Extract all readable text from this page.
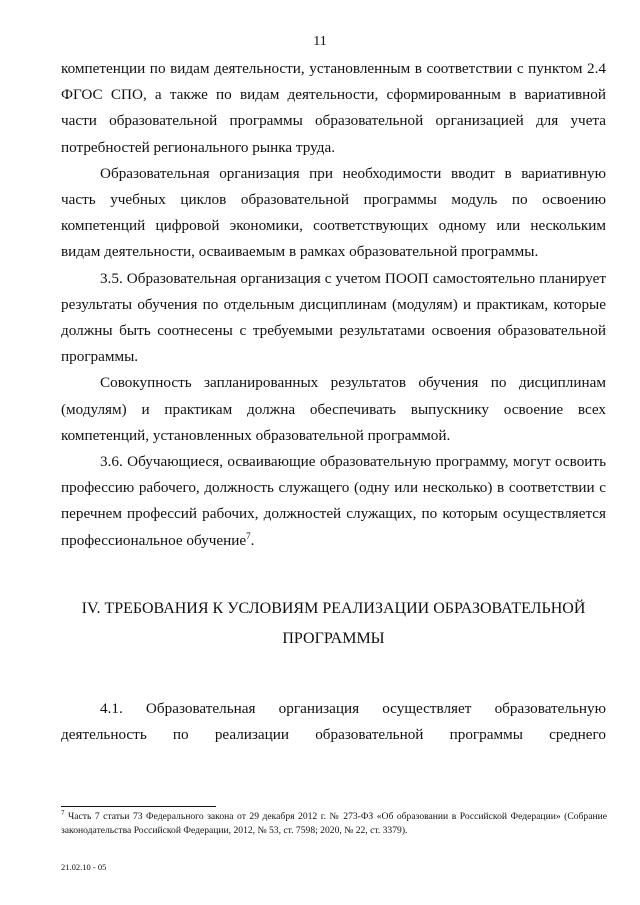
11

компетенции по видам деятельности, установленным в соответствии с пунктом 2.4 ФГОС СПО, а также по видам деятельности, сформированным в вариативной части образовательной программы образовательной организацией для учета потребностей регионального рынка труда.

Образовательная организация при необходимости вводит в вариативную часть учебных циклов образовательной программы модуль по освоению компетенций цифровой экономики, соответствующих одному или нескольким видам деятельности, осваиваемым в рамках образовательной программы.

3.5. Образовательная организация с учетом ПООП самостоятельно планирует результаты обучения по отдельным дисциплинам (модулям) и практикам, которые должны быть соотнесены с требуемыми результатами освоения образовательной программы.

Совокупность запланированных результатов обучения по дисциплинам (модулям) и практикам должна обеспечивать выпускнику освоение всех компетенций, установленных образовательной программой.

3.6. Обучающиеся, осваивающие образовательную программу, могут освоить профессию рабочего, должность служащего (одну или несколько) в соответствии с перечнем профессий рабочих, должностей служащих, по которым осуществляется профессиональное обучение$^7$.

IV. ТРЕБОВАНИЯ К УСЛОВИЯМ РЕАЛИЗАЦИИ ОБРАЗОВАТЕЛЬНОЙ
ПРОГРАММЫ

4.1. Образовательная организация осуществляет образовательную деятельность по реализации образовательной программы среднего

$^7$ Часть 7 статьи 73 Федерального закона от 29 декабря 2012 г. № 273-ФЗ «Об образовании в Российской Федерации» (Собрание законодательства Российской Федерации, 2012, № 53, ст. 7598; 2020, № 22, ст. 3379).
21.02.10 - 05
